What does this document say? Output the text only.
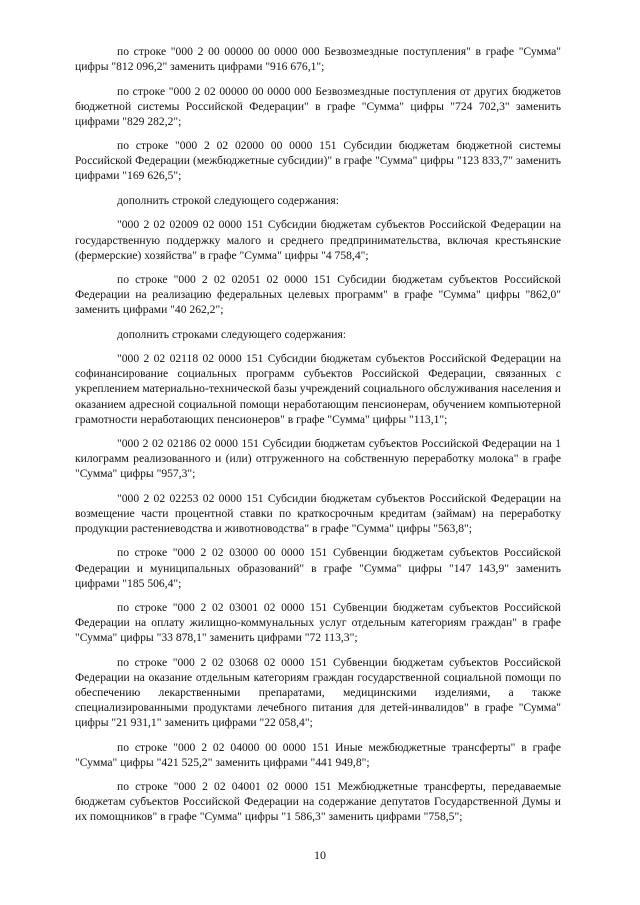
по строке "000 2 00 00000 00 0000 000 Безвозмездные поступления" в графе "Сумма" цифры "812 096,2" заменить цифрами "916 676,1";

по строке "000 2 02 00000 00 0000 000 Безвозмездные поступления от других бюджетов бюджетной системы Российской Федерации" в графе "Сумма" цифры "724 702,3" заменить цифрами "829 282,2";

по строке "000 2 02 02000 00 0000 151 Субсидии бюджетам бюджетной системы Российской Федерации (межбюджетные субсидии)" в графе "Сумма" цифры "123 833,7" заменить цифрами "169 626,5";

дополнить строкой следующего содержания:

"000 2 02 02009 02 0000 151 Субсидии бюджетам субъектов Российской Федерации на государственную поддержку малого и среднего предпринимательства, включая крестьянские (фермерские) хозяйства" в графе "Сумма" цифры "4 758,4";

по строке "000 2 02 02051 02 0000 151 Субсидии бюджетам субъектов Российской Федерации на реализацию федеральных целевых программ" в графе "Сумма" цифры "862,0" заменить цифрами "40 262,2";

дополнить строками следующего содержания:

"000 2 02 02118 02 0000 151 Субсидии бюджетам субъектов Российской Федерации на софинансирование социальных программ субъектов Российской Федерации, связанных с укреплением материально-технической базы учреждений социального обслуживания населения и оказанием адресной социальной помощи неработающим пенсионерам, обучением компьютерной грамотности неработающих пенсионеров" в графе "Сумма" цифры "113,1";

"000 2 02 02186 02 0000 151 Субсидии бюджетам субъектов Российской Федерации на 1 килограмм реализованного и (или) отгруженного на собственную переработку молока" в графе "Сумма" цифры "957,3";

"000 2 02 02253 02 0000 151 Субсидии бюджетам субъектов Российской Федерации на возмещение части процентной ставки по краткосрочным кредитам (займам) на переработку продукции растениеводства и животноводства" в графе "Сумма" цифры "563,8";

по строке "000 2 02 03000 00 0000 151 Субвенции бюджетам субъектов Российской Федерации и муниципальных образований" в графе "Сумма" цифры "147 143,9" заменить цифрами "185 506,4";

по строке "000 2 02 03001 02 0000 151 Субвенции бюджетам субъектов Российской Федерации на оплату жилищно-коммунальных услуг отдельным категориям граждан" в графе "Сумма" цифры "33 878,1" заменить цифрами "72 113,3";

по строке "000 2 02 03068 02 0000 151 Субвенции бюджетам субъектов Российской Федерации на оказание отдельным категориям граждан государственной социальной помощи по обеспечению лекарственными препаратами, медицинскими изделиями, а также специализированными продуктами лечебного питания для детей-инвалидов" в графе "Сумма" цифры "21 931,1" заменить цифрами "22 058,4";

по строке "000 2 02 04000 00 0000 151 Иные межбюджетные трансферты" в графе "Сумма" цифры "421 525,2" заменить цифрами "441 949,8";

по строке "000 2 02 04001 02 0000 151 Межбюджетные трансферты, передаваемые бюджетам субъектов Российской Федерации на содержание депутатов Государственной Думы и их помощников" в графе "Сумма" цифры "1 586,3" заменить цифрами "758,5";

10
